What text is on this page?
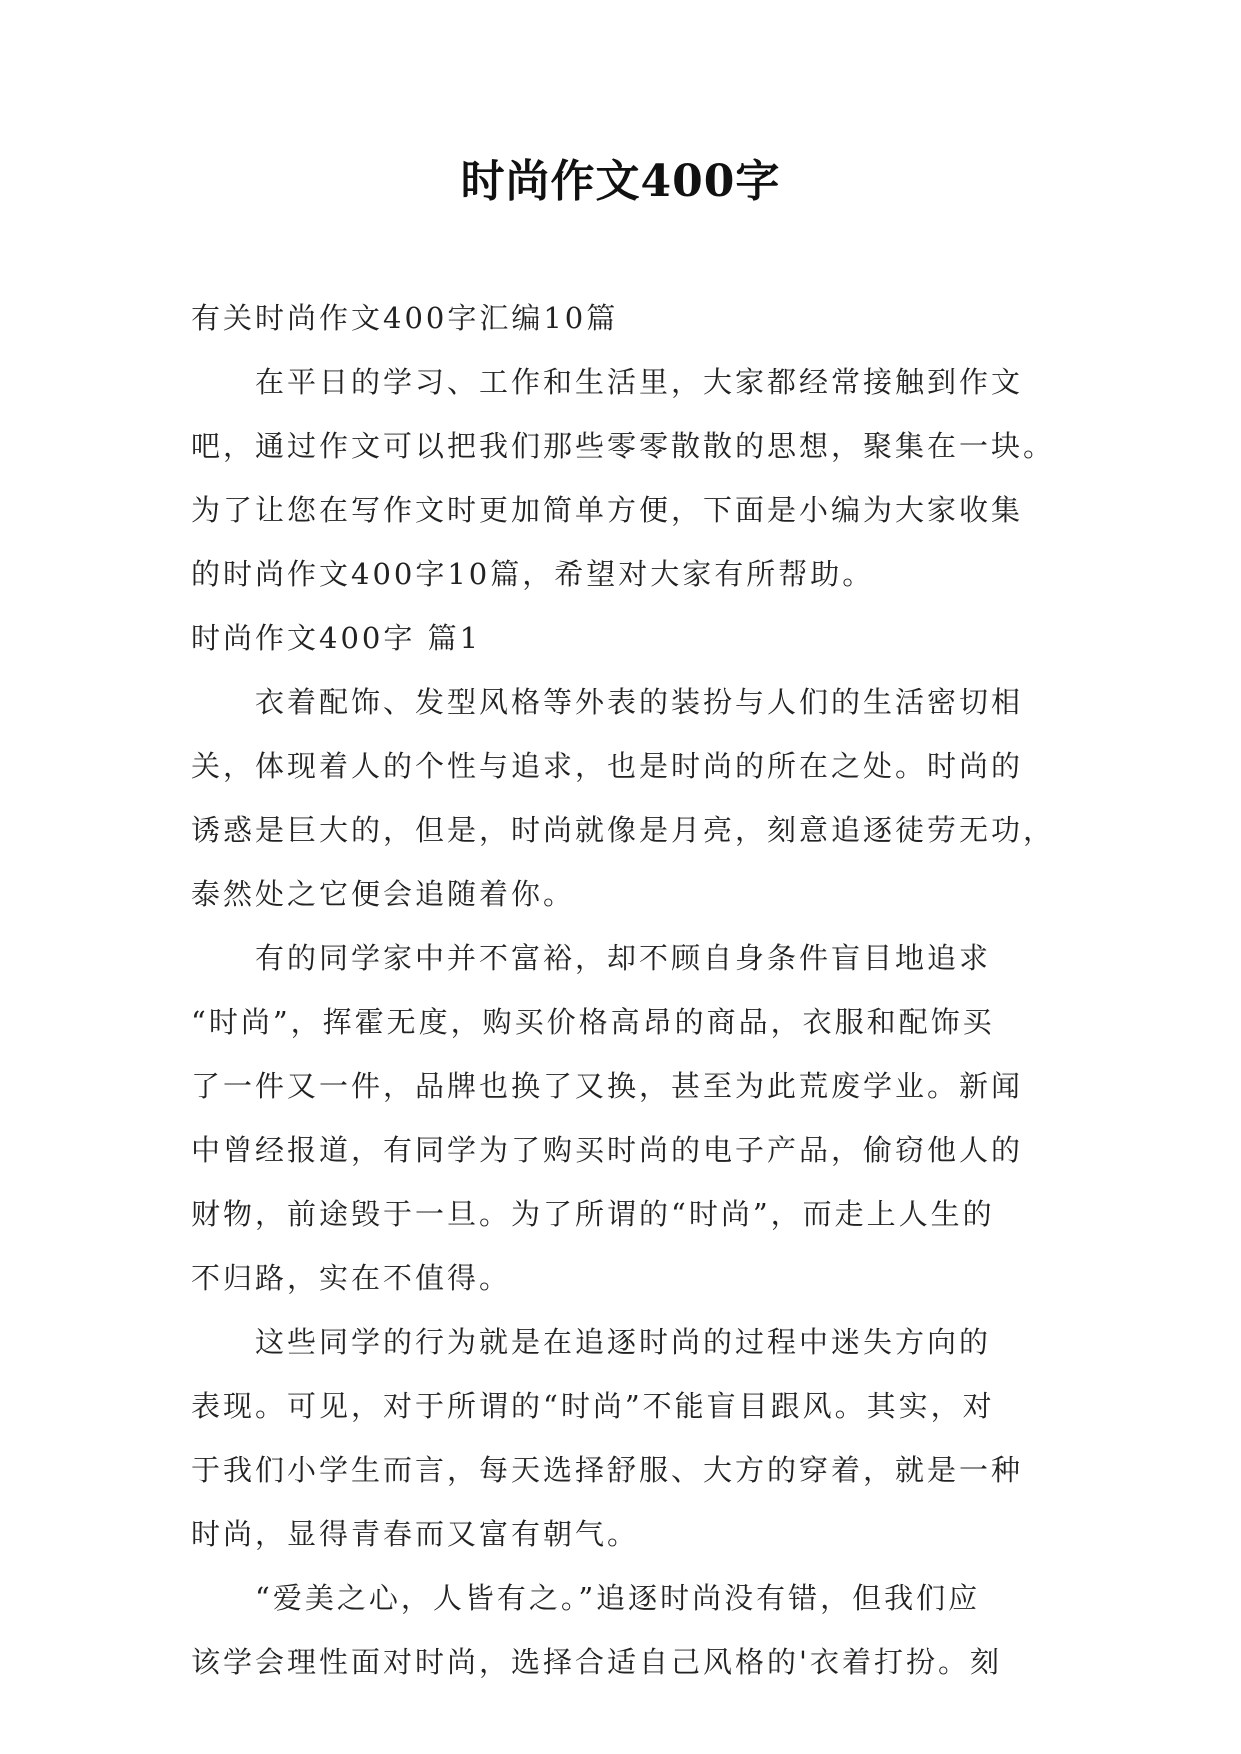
时尚作文400字

有关时尚作文400字汇编10篇

在平日的学习、工作和生活里，大家都经常接触到作文

吧，通过作文可以把我们那些零零散散的思想，聚集在一块。

为了让您在写作文时更加简单方便，下面是小编为大家收集

的时尚作文400字10篇，希望对大家有所帮助。

时尚作文400字 篇1

衣着配饰、发型风格等外表的装扮与人们的生活密切相

关，体现着人的个性与追求，也是时尚的所在之处。时尚的

诱惑是巨大的，但是，时尚就像是月亮，刻意追逐徒劳无功，

泰然处之它便会追随着你。

有的同学家中并不富裕，却不顾自身条件盲目地追求

“时尚”，挥霍无度，购买价格高昂的商品，衣服和配饰买

了一件又一件，品牌也换了又换，甚至为此荒废学业。新闻

中曾经报道，有同学为了购买时尚的电子产品，偷窃他人的

财物，前途毁于一旦。为了所谓的“时尚”，而走上人生的

不归路，实在不值得。

这些同学的行为就是在追逐时尚的过程中迷失方向的

表现。可见，对于所谓的“时尚”不能盲目跟风。其实，对

于我们小学生而言，每天选择舒服、大方的穿着，就是一种

时尚，显得青春而又富有朝气。

“爱美之心，人皆有之。”追逐时尚没有错，但我们应

该学会理性面对时尚，选择合适自己风格的'衣着打扮。刻
